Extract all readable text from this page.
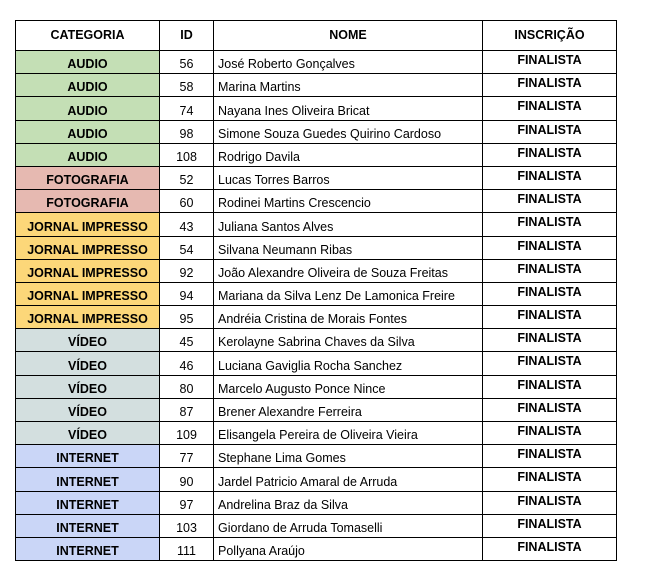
CATEGORIA	ID	NOME	INSCRIÇÃO
AUDIO	56	José Roberto Gonçalves	FINALISTA
AUDIO	58	Marina Martins	FINALISTA
AUDIO	74	Nayana Ines Oliveira Bricat	FINALISTA
AUDIO	98	Simone Souza Guedes Quirino Cardoso	FINALISTA
AUDIO	108	Rodrigo Davila	FINALISTA
FOTOGRAFIA	52	Lucas Torres Barros	FINALISTA
FOTOGRAFIA	60	Rodinei Martins Crescencio	FINALISTA
JORNAL IMPRESSO	43	Juliana Santos Alves	FINALISTA
JORNAL IMPRESSO	54	Silvana Neumann Ribas	FINALISTA
JORNAL IMPRESSO	92	João Alexandre Oliveira de Souza Freitas	FINALISTA
JORNAL IMPRESSO	94	Mariana da Silva Lenz De Lamonica Freire	FINALISTA
JORNAL IMPRESSO	95	Andréia Cristina de Morais Fontes	FINALISTA
VÍDEO	45	Kerolayne Sabrina Chaves da Silva	FINALISTA
VÍDEO	46	Luciana Gaviglia Rocha Sanchez	FINALISTA
VÍDEO	80	Marcelo Augusto Ponce Nince	FINALISTA
VÍDEO	87	Brener Alexandre Ferreira	FINALISTA
VÍDEO	109	Elisangela Pereira de Oliveira Vieira	FINALISTA
INTERNET	77	Stephane Lima Gomes	FINALISTA
INTERNET	90	Jardel Patricio Amaral de Arruda	FINALISTA
INTERNET	97	Andrelina Braz da Silva	FINALISTA
INTERNET	103	Giordano de Arruda Tomaselli	FINALISTA
INTERNET	111	Pollyana Araújo	FINALISTA
